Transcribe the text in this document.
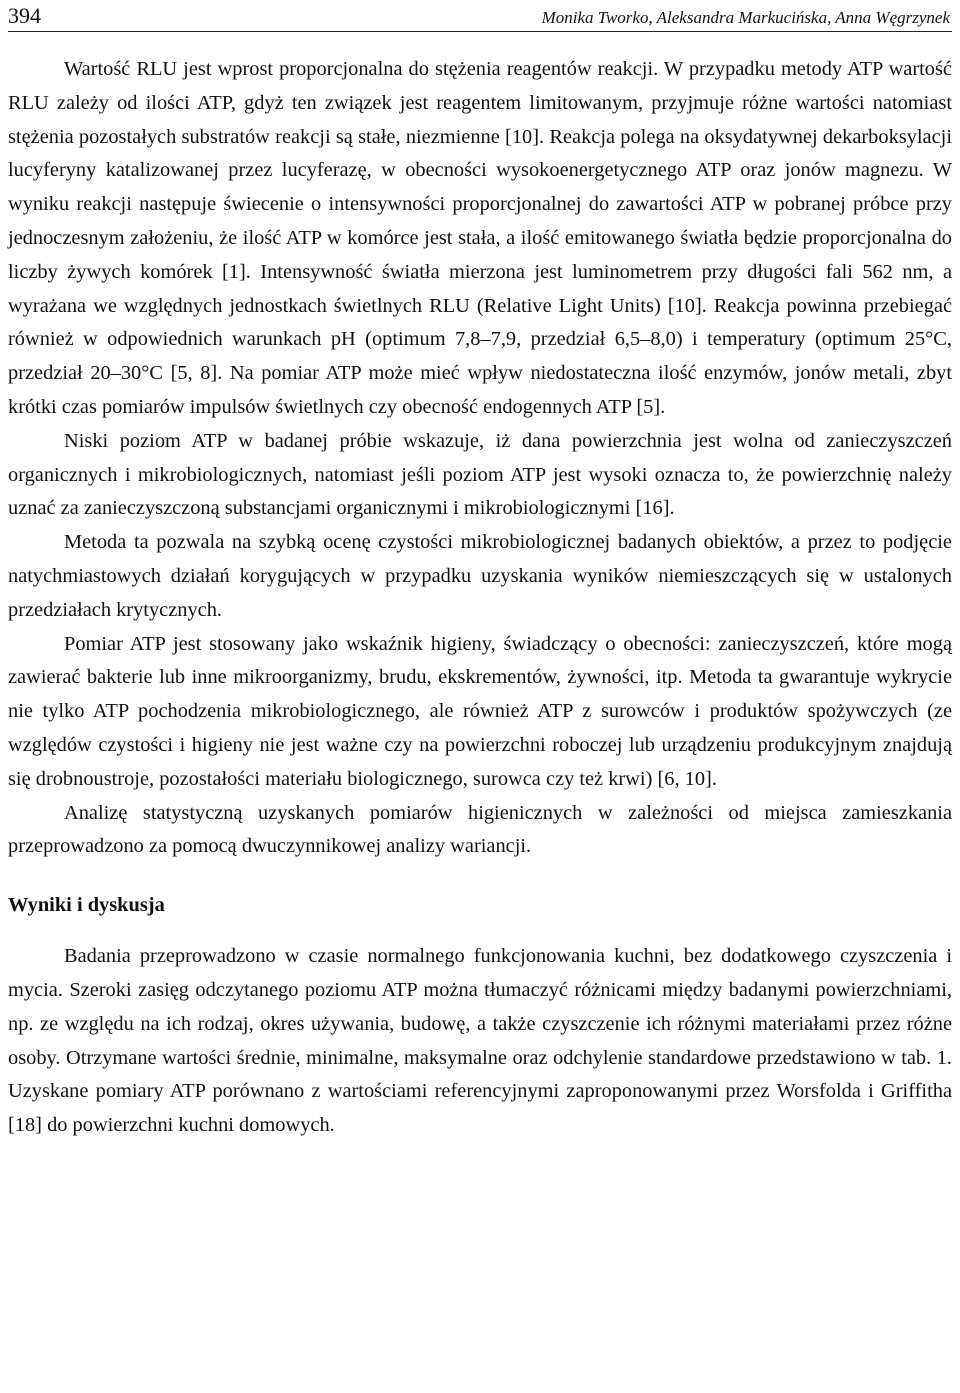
394	Monika Tworko, Aleksandra Markucińska, Anna Węgrzynek

Wartość RLU jest wprost proporcjonalna do stężenia reagentów reakcji. W przypadku metody ATP wartość RLU zależy od ilości ATP, gdyż ten związek jest reagentem limitowanym, przyjmuje różne wartości natomiast stężenia pozostałych substratów reakcji są stałe, niezmienne [10]. Reakcja polega na oksydatywnej dekarboksylacji lucyferyny katalizowanej przez lucyferazę, w obecności wysokoenergetycznego ATP oraz jonów magnezu. W wyniku reakcji następuje świecenie o intensywności proporcjonalnej do zawartości ATP w pobranej próbce przy jednoczesnym założeniu, że ilość ATP w komórce jest stała, a ilość emitowanego światła będzie proporcjonalna do liczby żywych komórek [1]. Intensywność światła mierzona jest luminometrem przy długości fali 562 nm, a wyrażana we względnych jednostkach świetlnych RLU (Relative Light Units) [10]. Reakcja powinna przebiegać również w odpowiednich warunkach pH (optimum 7,8–7,9, przedział 6,5–8,0) i temperatury (optimum 25°C, przedział 20–30°C [5, 8]. Na pomiar ATP może mieć wpływ niedostateczna ilość enzymów, jonów metali, zbyt krótki czas pomiarów impulsów świetlnych czy obecność endogennych ATP [5].

Niski poziom ATP w badanej próbie wskazuje, iż dana powierzchnia jest wolna od zanieczyszczeń organicznych i mikrobiologicznych, natomiast jeśli poziom ATP jest wysoki oznacza to, że powierzchnię należy uznać za zanieczyszczoną substancjami organicznymi i mikrobiologicznymi [16].

Metoda ta pozwala na szybką ocenę czystości mikrobiologicznej badanych obiektów, a przez to podjęcie natychmiastowych działań korygujących w przypadku uzyskania wyników niemieszczących się w ustalonych przedziałach krytycznych.

Pomiar ATP jest stosowany jako wskaźnik higieny, świadczący o obecności: zanieczyszczeń, które mogą zawierać bakterie lub inne mikroorganizmy, brudu, ekskrementów, żywności, itp. Metoda ta gwarantuje wykrycie nie tylko ATP pochodzenia mikrobiologicznego, ale również ATP z surowców i produktów spożywczych (ze względów czystości i higieny nie jest ważne czy na powierzchni roboczej lub urządzeniu produkcyjnym znajdują się drobnoustroje, pozostałości materiału biologicznego, surowca czy też krwi) [6, 10].

Analizę statystyczną uzyskanych pomiarów higienicznych w zależności od miejsca zamieszkania przeprowadzono za pomocą dwuczynnikowej analizy wariancji.

Wyniki i dyskusja

Badania przeprowadzono w czasie normalnego funkcjonowania kuchni, bez dodatkowego czyszczenia i mycia. Szeroki zasięg odczytanego poziomu ATP można tłumaczyć różnicami między badanymi powierzchniami, np. ze względu na ich rodzaj, okres używania, budowę, a także czyszczenie ich różnymi materiałami przez różne osoby. Otrzymane wartości średnie, minimalne, maksymalne oraz odchylenie standardowe przedstawiono w tab. 1. Uzyskane pomiary ATP porównano z wartościami referencyjnymi zaproponowanymi przez Worsfolda i Griffitha [18] do powierzchni kuchni domowych.
